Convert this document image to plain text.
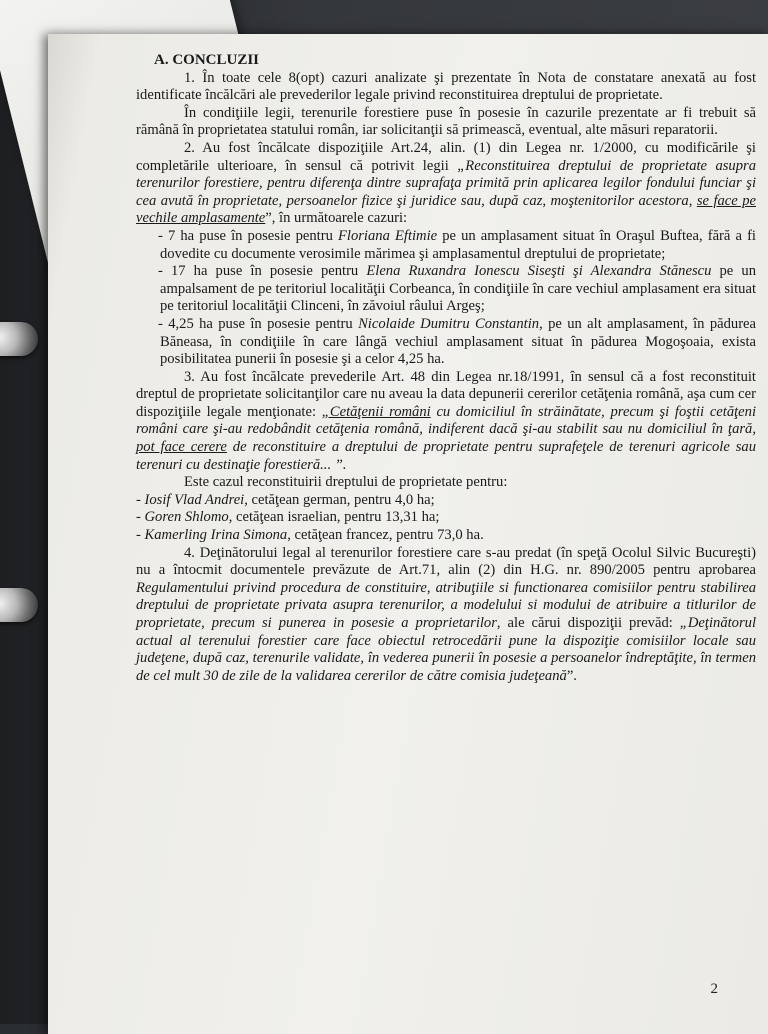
A. CONCLUZII

1. În toate cele 8(opt) cazuri analizate şi prezentate în Nota de constatare anexată au fost identificate încălcări ale prevederilor legale privind reconstituirea dreptului de proprietate.

În condiţiile legii, terenurile forestiere puse în posesie în cazurile prezentate ar fi trebuit să rămână în proprietatea statului român, iar solicitanţii să primească, eventual, alte măsuri reparatorii.

2. Au fost încălcate dispoziţiile Art.24, alin. (1) din Legea nr. 1/2000, cu modificările şi completările ulterioare, în sensul că potrivit legii „Reconstituirea dreptului de proprietate asupra terenurilor forestiere, pentru diferenţa dintre suprafaţa primită prin aplicarea legilor fondului funciar şi cea avută în proprietate, persoanelor fizice şi juridice sau, după caz, moştenitorilor acestora, se face pe vechile amplasamente”, în următoarele cazuri:

- 7 ha puse în posesie pentru Floriana Eftimie pe un amplasament situat în Oraşul Buftea, fără a fi dovedite cu documente verosimile mărimea şi amplasamentul dreptului de proprietate;

- 17 ha puse în posesie pentru Elena Ruxandra Ionescu Siseşti şi Alexandra Stănescu pe un ampalsament de pe teritoriul localităţii Corbeanca, în condiţiile în care vechiul amplasament era situat pe teritoriul localităţii Clinceni, în zăvoiul râului Argeş;

- 4,25 ha puse în posesie pentru Nicolaide Dumitru Constantin, pe un alt amplasament, în pădurea Băneasa, în condiţiile în care lângă vechiul amplasament situat în pădurea Mogoşoaia, exista posibilitatea punerii în posesie şi a celor 4,25 ha.

3. Au fost încălcate prevederile Art. 48 din Legea nr.18/1991, în sensul că a fost reconstituit dreptul de proprietate solicitanţilor care nu aveau la data depunerii cererilor cetăţenia română, aşa cum cer dispoziţiile legale menţionate: „Cetăţenii români cu domiciliul în străinătate, precum şi foştii cetăţeni români care şi-au redobândit cetăţenia română, indiferent dacă şi-au stabilit sau nu domiciliul în ţară, pot face cerere de reconstituire a dreptului de proprietate pentru suprafeţele de terenuri agricole sau terenuri cu destinaţie forestieră... ”.

Este cazul reconstituirii dreptului de proprietate pentru:

- Iosif Vlad Andrei, cetăţean german, pentru 4,0 ha;

- Goren Shlomo, cetăţean israelian, pentru 13,31 ha;

- Kamerling Irina Simona, cetăţean francez, pentru 73,0 ha.

4. Deţinătorului legal al terenurilor forestiere care s-au predat (în speţă Ocolul Silvic Bucureşti) nu a întocmit documentele prevăzute de Art.71, alin (2) din H.G. nr. 890/2005 pentru aprobarea Regulamentului privind procedura de constituire, atribuţiile si functionarea comisiilor pentru stabilirea dreptului de proprietate privata asupra terenurilor, a modelului si modului de atribuire a titlurilor de proprietate, precum si punerea in posesie a proprietarilor, ale cărui dispoziţii prevăd: „Deţinătorul actual al terenului forestier care face obiectul retrocedării pune la dispoziţie comisiilor locale sau judeţene, după caz, terenurile validate, în vederea punerii în posesie a persoanelor îndreptăţite, în termen de cel mult 30 de zile de la validarea cererilor de către comisia judeţeană”.

2
